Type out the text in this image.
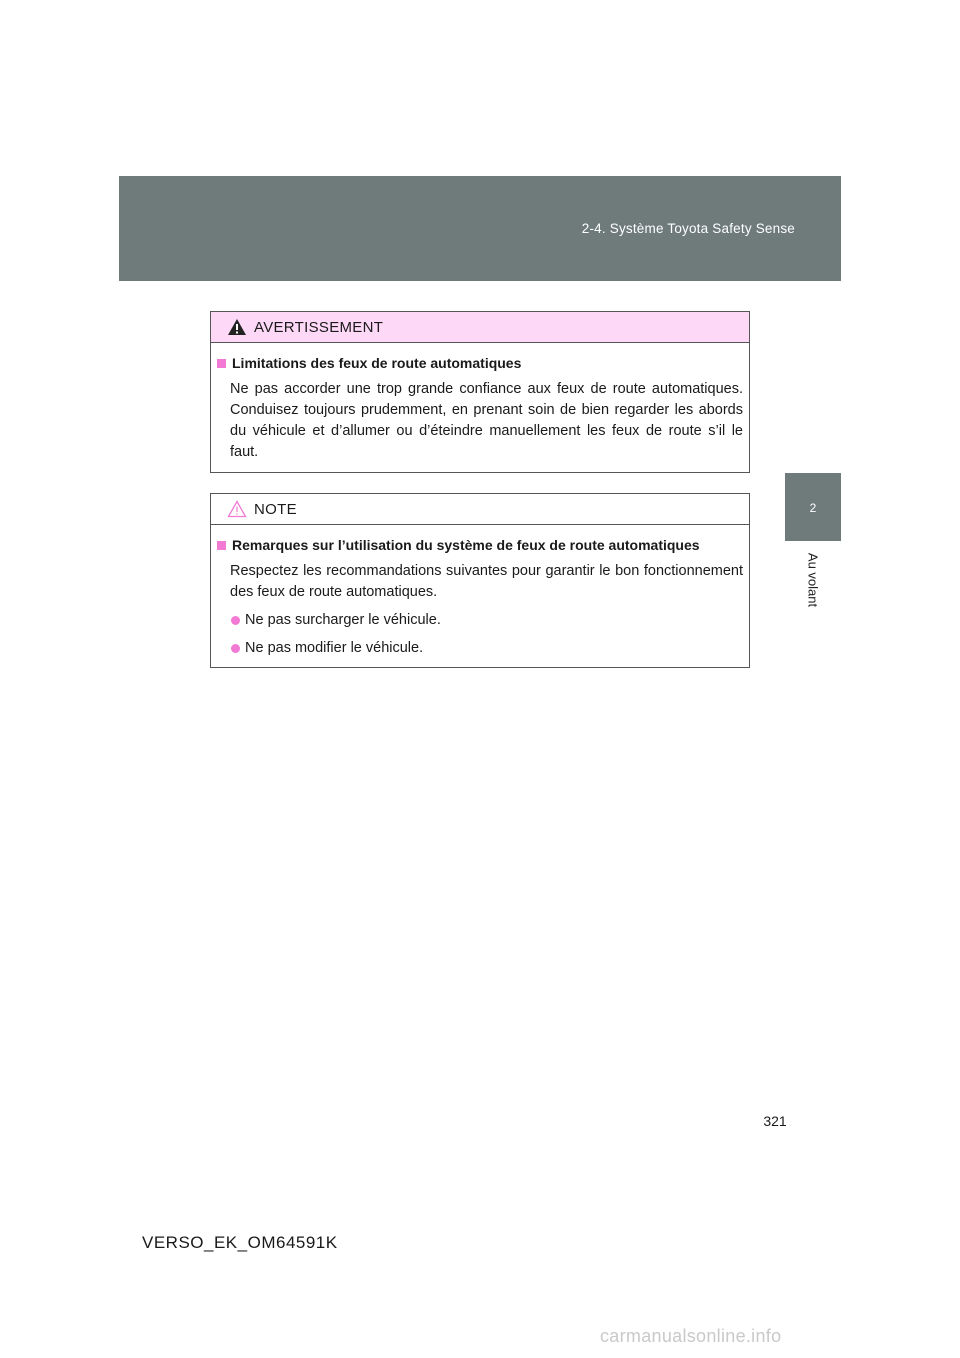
2-4. Système Toyota Safety Sense
2
Au volant
AVERTISSEMENT
Limitations des feux de route automatiques
Ne pas accorder une trop grande confiance aux feux de route automatiques. Conduisez toujours prudemment, en prenant soin de bien regarder les abords du véhicule et d’allumer ou d’éteindre manuellement les feux de route s’il le faut.
NOTE
Remarques sur l’utilisation du système de feux de route automatiques
Respectez les recommandations suivantes pour garantir le bon fonctionnement des feux de route automatiques.
Ne pas surcharger le véhicule.
Ne pas modifier le véhicule.
321
VERSO_EK_OM64591K
carmanualsonline.info
